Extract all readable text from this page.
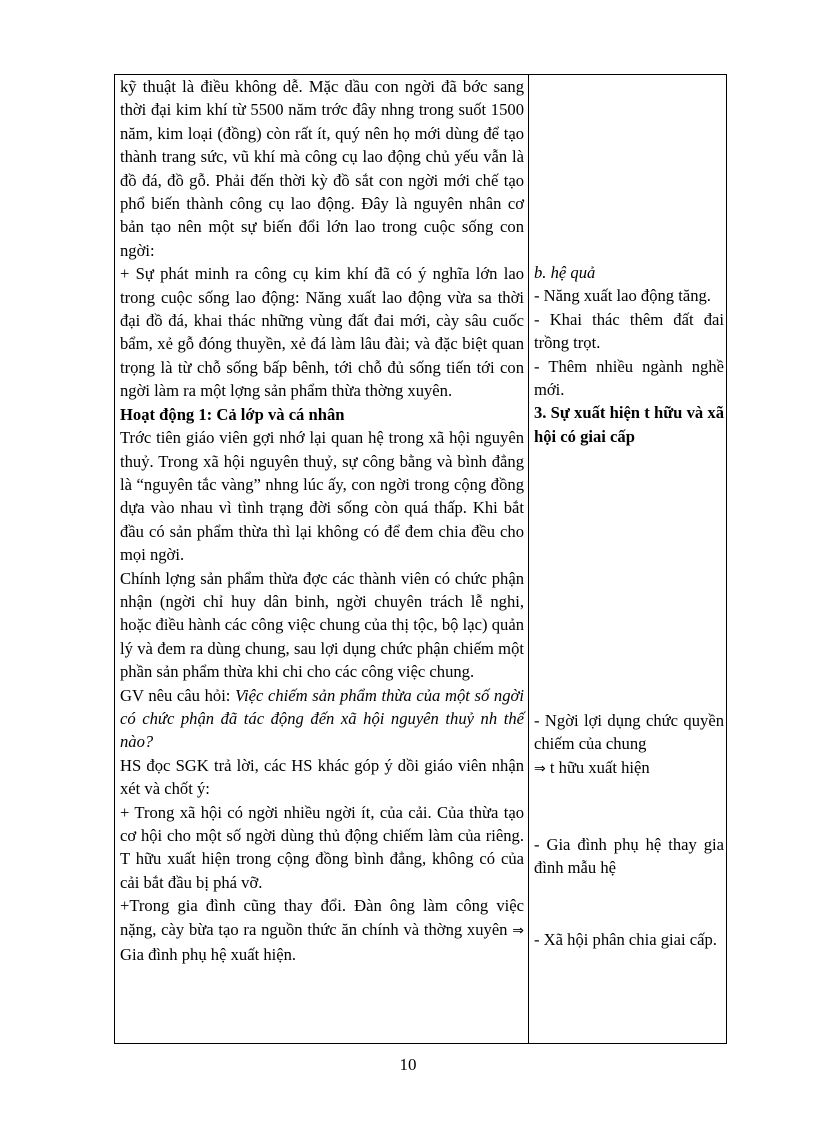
kỹ thuật là điều không dễ. Mặc dầu con ngời đã bớc sang thời đại kim khí từ 5500 năm trớc đây nhng trong suốt 1500 năm, kim loại (đồng) còn rất ít, quý nên họ mới dùng để tạo thành trang sức, vũ khí mà công cụ lao động chủ yếu vẫn là đồ đá, đồ gỗ. Phải đến thời kỳ đồ sắt con ngời mới chế tạo phổ biến thành công cụ lao động. Đây là nguyên nhân cơ bản tạo nên một sự biến đổi lớn lao trong cuộc sống con ngời:

+ Sự phát minh ra công cụ kim khí đã có ý nghĩa lớn lao trong cuộc sống lao động: Năng xuất lao động vừa sa thời đại đồ đá, khai thác những vùng đất đai mới, cày sâu cuốc bẩm, xẻ gỗ đóng thuyền, xẻ đá làm lâu đài; và đặc biệt quan trọng là từ chỗ sống bấp bênh, tới chỗ đủ sống tiến tới con ngời làm ra một lợng sản phẩm thừa thờng xuyên.

Hoạt động 1: Cả lớp và cá nhân

Trớc tiên giáo viên gợi nhớ lại quan hệ trong xã hội nguyên thuỷ. Trong xã hội nguyên thuỷ, sự công bằng và bình đẳng là “nguyên tắc vàng” nhng lúc ấy, con ngời trong cộng đồng dựa vào nhau vì tình trạng đời sống còn quá thấp. Khi bắt đầu có sản phẩm thừa thì lại không có để đem chia đều cho mọi ngời.

Chính lợng sản phẩm thừa đợc các thành viên có chức phận nhận (ngời chỉ huy dân binh, ngời chuyên trách lễ nghi, hoặc điều hành các công việc chung của thị tộc, bộ lạc) quản lý và đem ra dùng chung, sau lợi dụng chức phận chiếm một phần sản phẩm thừa khi chi cho các công việc chung.

GV nêu câu hỏi: Việc chiếm sản phẩm thừa của một số ngời có chức phận đã tác động đến xã hội nguyên thuỷ nh thế nào?

HS đọc SGK trả lời, các HS khác góp ý dồi giáo viên nhận xét và chốt ý:

+ Trong xã hội có ngời nhiều ngời ít, của cải. Của thừa tạo cơ hội cho một số ngời dùng thủ động chiếm làm của riêng. T hữu xuất hiện trong cộng đồng bình đẳng, không có của cải bắt đầu bị phá vỡ.

+Trong gia đình cũng thay đổi. Đàn ông làm công việc nặng, cày bừa tạo ra nguồn thức ăn chính và thờng xuyên ⇒ Gia đình phụ hệ xuất hiện.

b. hệ quả

- Năng xuất lao động tăng.

- Khai thác thêm đất đai trồng trọt.

- Thêm nhiều ngành nghề mới.

3. Sự xuất hiện t hữu và xã hội có giai cấp

- Ngời lợi dụng chức quyền chiếm của chung

⇒ t hữu xuất hiện

- Gia đình phụ hệ thay gia đình mẫu hệ

- Xã hội phân chia giai cấp.

10
